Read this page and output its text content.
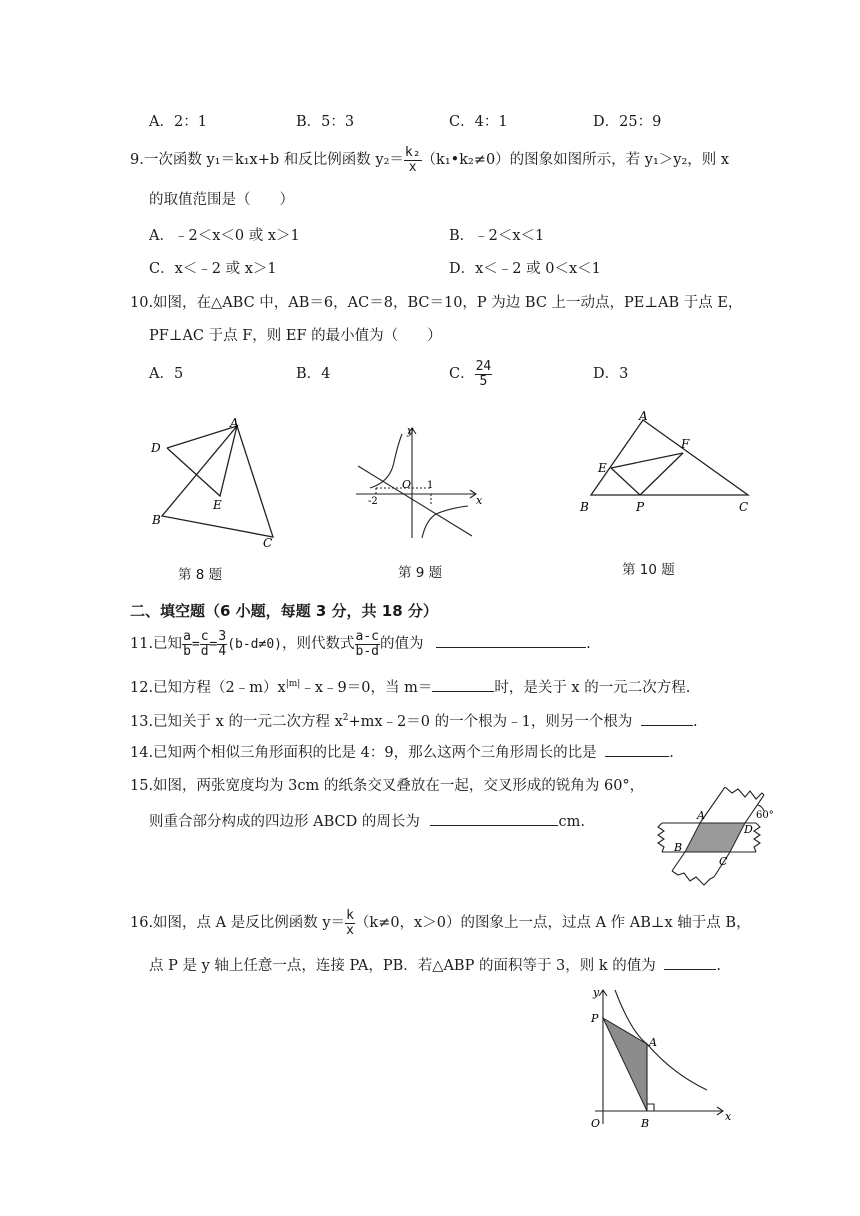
A．2：1	B．5：3	C．4：1	D．25：9
9.一次函数 y₁＝k₁x+b 和反比例函数 $y_2= \frac{\text{k₂}}{x}$ （k₁•k₂≠0）的图象如图所示，若 y₁＞y₂，则 x
的取值范围是（　　）
A．﹣2＜x＜0 或 x＞1	B．﹣2＜x＜1
C．x＜﹣2 或 x＞1	D．x＜﹣2 或 0＜x＜1
10.如图，在△ABC 中，AB＝6，AC＝8，BC＝10，P 为边 BC 上一动点，PE⊥AB 于点 E，
PF⊥AC 于点 F，则 EF 的最小值为（　　）
A．5	B．4	C． $\frac{24}{5}$	D．3
A
D
E
B
C
第 8 题
y
x
O
-2
1
第 9 题
A
F
E
B	P	C
第 10 题
二、填空题（6 小题，每题 3 分，共 18 分）
11.已知 $\frac{a}{b} = \frac{c}{d} = \frac{3}{4} (b-d\ne 0)$，则代数式 $\frac{a-c}{b-d}$ 的值为	.
12.已知方程$(2﹣m)x^{|m|}﹣x﹣9=0$，当 m＝	时，是关于 x 的一元二次方程.
13.已知关于 x 的一元二次方程 $x^2+mx﹣2=0$ 的一个根为﹣1，则另一个根为	.
14.已知两个相似三角形面积的比是 4：9，那么这两个三角形周长的比是	.
15.如图，两张宽度均为 3cm 的纸条交叉叠放在一起，交叉形成的锐角为 60°，
则重合部分构成的四边形 ABCD 的周长为	cm.	A
D
B
C
60°
16.如图，点 A 是反比例函数 $y= \frac{k}{x} (k\ne 0$，x＞0）的图象上一点，过点 A 作 AB⊥x 轴于点 B，
点 P 是 y 轴上任意一点，连接 PA，PB．若△ABP 的面积等于 3，则 k 的值为	.
y
x
O
P
A
B
